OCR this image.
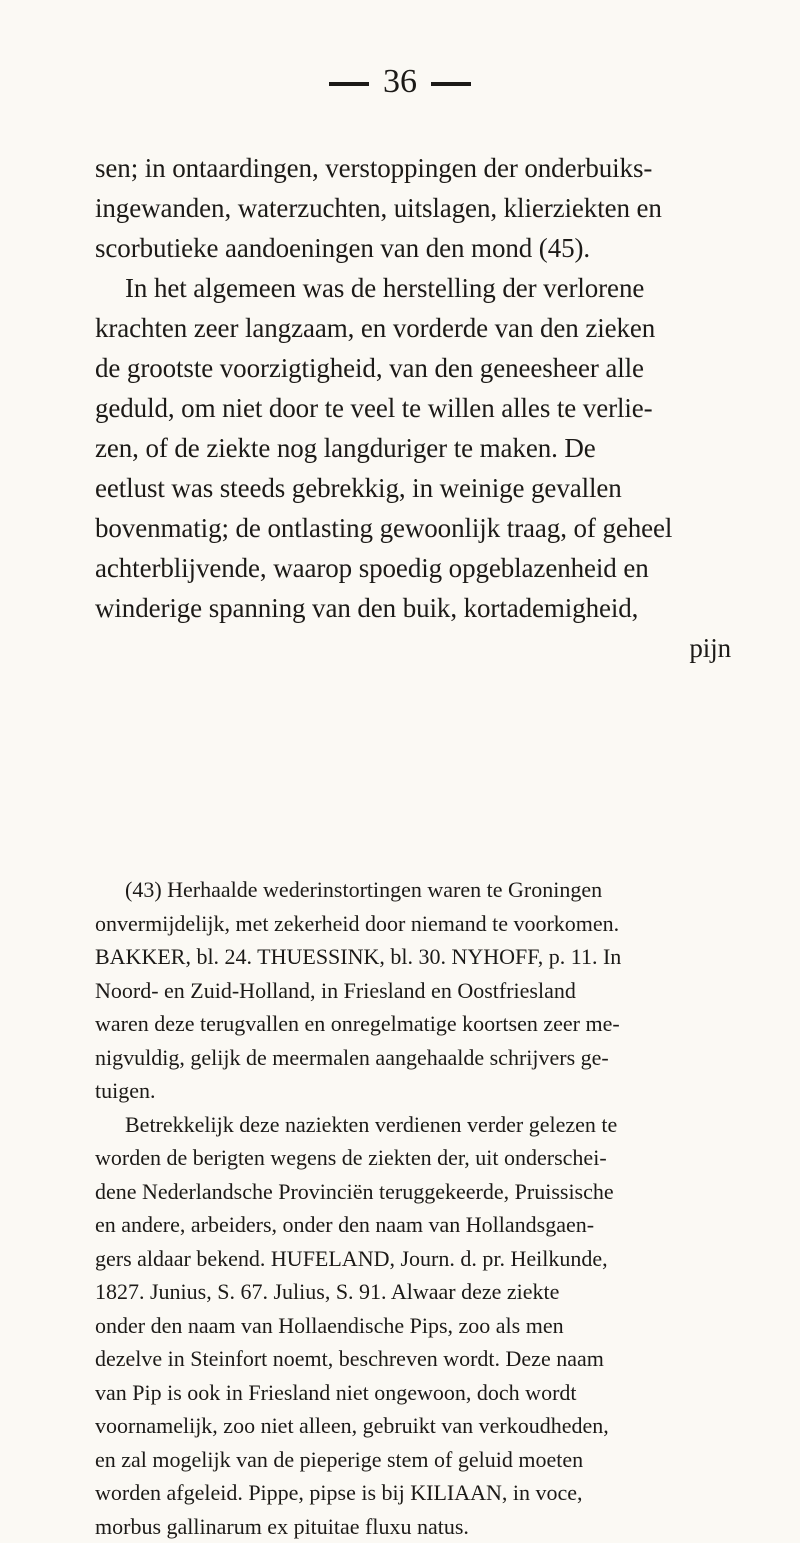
36
sen; in ontaardingen, verstoppingen der onderbuiks-
ingewanden, waterzuchten, uitslagen, klierziekten en
scorbutieke aandoeningen van den mond (45).
In het algemeen was de herstelling der verlorene
krachten zeer langzaam, en vorderde van den zieken
de grootste voorzigtigheid, van den geneesheer alle
geduld, om niet door te veel te willen alles te verlie-
zen, of de ziekte nog langduriger te maken. De
eetlust was steeds gebrekkig, in weinige gevallen
bovenmatig; de ontlasting gewoonlijk traag, of geheel
achterblijvende, waarop spoedig opgeblazenheid en
winderige spanning van den buik, kortademigheid,
pijn
(43) Herhaalde wederinstortingen waren te Groningen
onvermijdelijk, met zekerheid door niemand te voorkomen.
BAKKER, bl. 24. THUESSINK, bl. 30. NYHOFF, p. 11. In
Noord- en Zuid-Holland, in Friesland en Oostfriesland
waren deze terugvallen en onregelmatige koortsen zeer me-
nigvuldig, gelijk de meermalen aangehaalde schrijvers ge-
tuigen.
Betrekkelijk deze naziekten verdienen verder gelezen te
worden de berigten wegens de ziekten der, uit onderschei-
dene Nederlandsche Provinciën teruggekeerde, Pruissische
en andere, arbeiders, onder den naam van Hollandsgaen-
gers aldaar bekend. HUFELAND, Journ. d. pr. Heilkunde,
1827. Junius, S. 67. Julius, S. 91. Alwaar deze ziekte
onder den naam van Hollaendische Pips, zoo als men
dezelve in Steinfort noemt, beschreven wordt. Deze naam
van Pip is ook in Friesland niet ongewoon, doch wordt
voornamelijk, zoo niet alleen, gebruikt van verkoudheden,
en zal mogelijk van de pieperige stem of geluid moeten
worden afgeleid. Pippe, pipse is bij KILIAAN, in voce,
morbus gallinarum ex pituitae fluxu natus.
